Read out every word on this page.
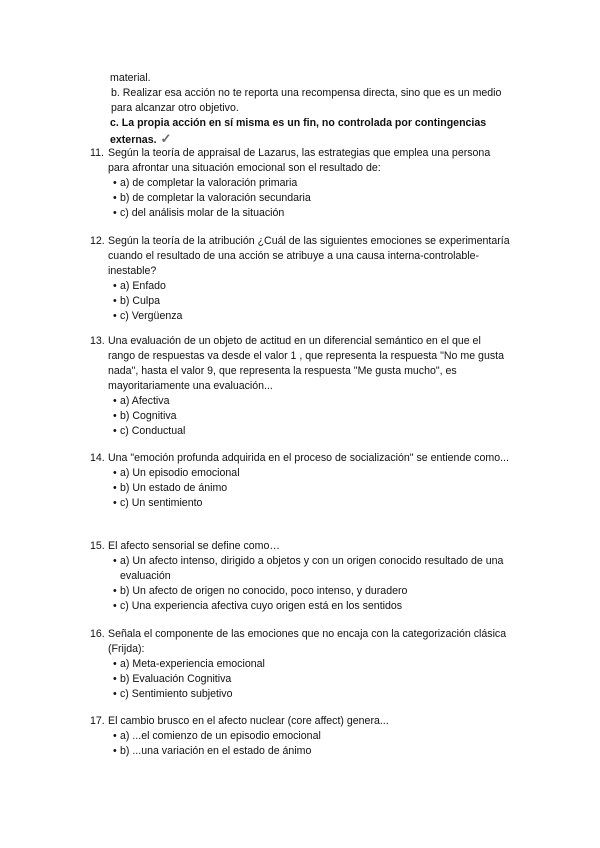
material.

b. Realizar esa acción no te reporta una recompensa directa, sino que es un medio para alcanzar otro objetivo.

c. La propia acción en sí misma es un fin, no controlada por contingencias externas. ✓

11. Según la teoría de appraisal de Lazarus, las estrategias que emplea una persona para afrontar una situación emocional son el resultado de:
• a) de completar la valoración primaria
• b) de completar la valoración secundaria
• c) del análisis molar de la situación
12. Según la teoría de la atribución ¿Cuál de las siguientes emociones se experimentaría cuando el resultado de una acción se atribuye a una causa interna-controlable-inestable?
• a) Enfado
• b) Culpa
• c) Vergüenza
13. Una evaluación de un objeto de actitud en un diferencial semántico en el que el rango de respuestas va desde el valor 1 , que representa la respuesta "No me gusta nada", hasta el valor 9, que representa la respuesta "Me gusta mucho", es mayoritariamente una evaluación...
• a) Afectiva
• b) Cognitiva
• c) Conductual
14. Una "emoción profunda adquirida en el proceso de socialización" se entiende como...
• a) Un episodio emocional
• b) Un estado de ánimo
• c) Un sentimiento
15. El afecto sensorial se define como…
• a) Un afecto intenso, dirigido a objetos y con un origen conocido resultado de una evaluación
• b) Un afecto de origen no conocido, poco intenso, y duradero
• c) Una experiencia afectiva cuyo origen está en los sentidos
16. Señala el componente de las emociones que no encaja con la categorización clásica (Frijda):
• a) Meta-experiencia emocional
• b) Evaluación Cognitiva
• c) Sentimiento subjetivo
17. El cambio brusco en el afecto nuclear (core affect) genera...
• a) ...el comienzo de un episodio emocional
• b) ...una variación en el estado de ánimo
